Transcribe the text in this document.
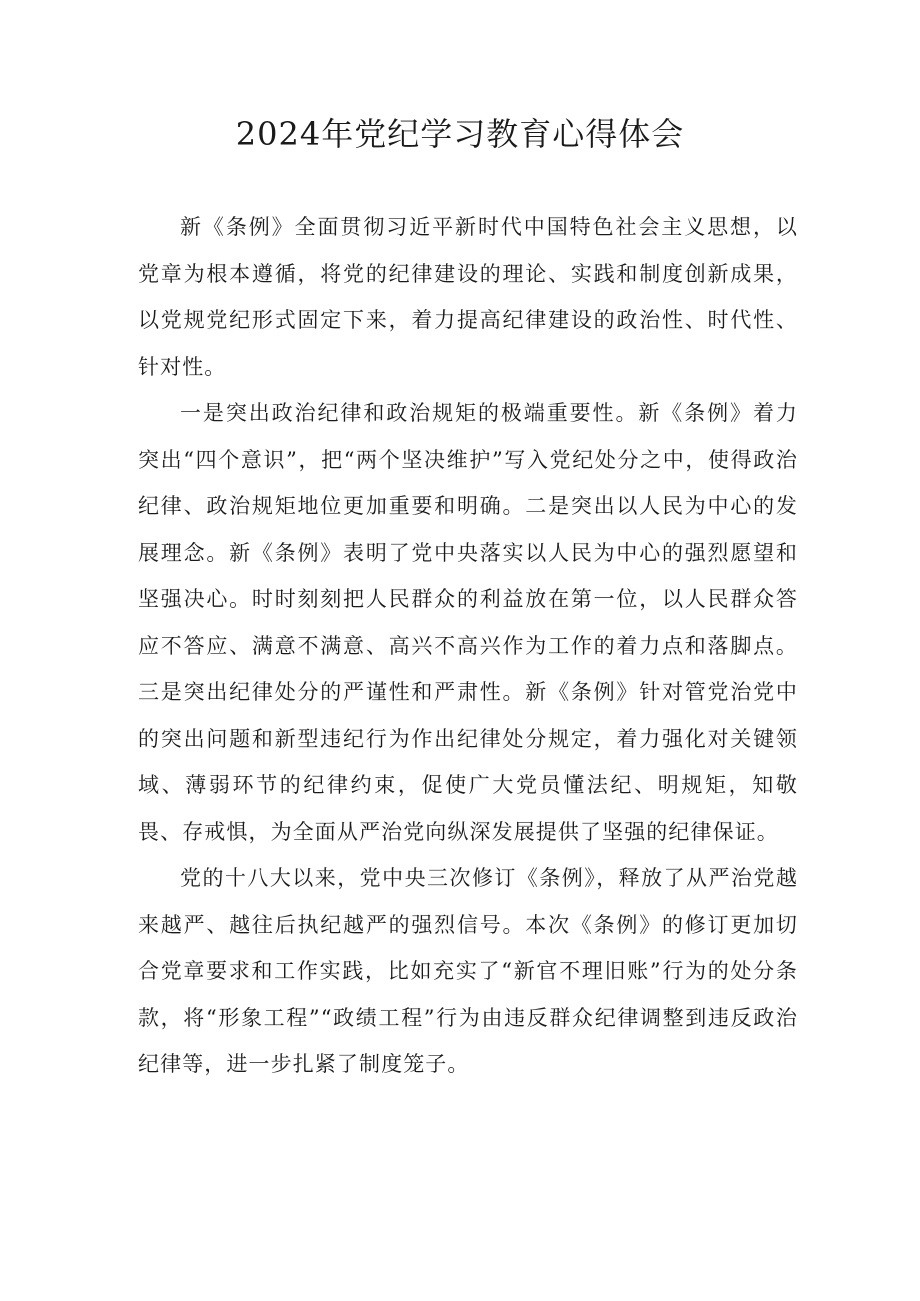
2024年党纪学习教育心得体会

新《条例》全面贯彻习近平新时代中国特色社会主义思想，以党章为根本遵循，将党的纪律建设的理论、实践和制度创新成果，以党规党纪形式固定下来，着力提高纪律建设的政治性、时代性、针对性。

一是突出政治纪律和政治规矩的极端重要性。新《条例》着力突出“四个意识”，把“两个坚决维护”写入党纪处分之中，使得政治纪律、政治规矩地位更加重要和明确。二是突出以人民为中心的发展理念。新《条例》表明了党中央落实以人民为中心的强烈愿望和坚强决心。时时刻刻把人民群众的利益放在第一位，以人民群众答应不答应、满意不满意、高兴不高兴作为工作的着力点和落脚点。三是突出纪律处分的严谨性和严肃性。新《条例》针对管党治党中的突出问题和新型违纪行为作出纪律处分规定，着力强化对关键领域、薄弱环节的纪律约束，促使广大党员懂法纪、明规矩，知敬畏、存戒惧，为全面从严治党向纵深发展提供了坚强的纪律保证。

党的十八大以来，党中央三次修订《条例》，释放了从严治党越来越严、越往后执纪越严的强烈信号。本次《条例》的修订更加切合党章要求和工作实践，比如充实了“新官不理旧账”行为的处分条款，将“形象工程”“政绩工程”行为由违反群众纪律调整到违反政治纪律等，进一步扎紧了制度笼子。
